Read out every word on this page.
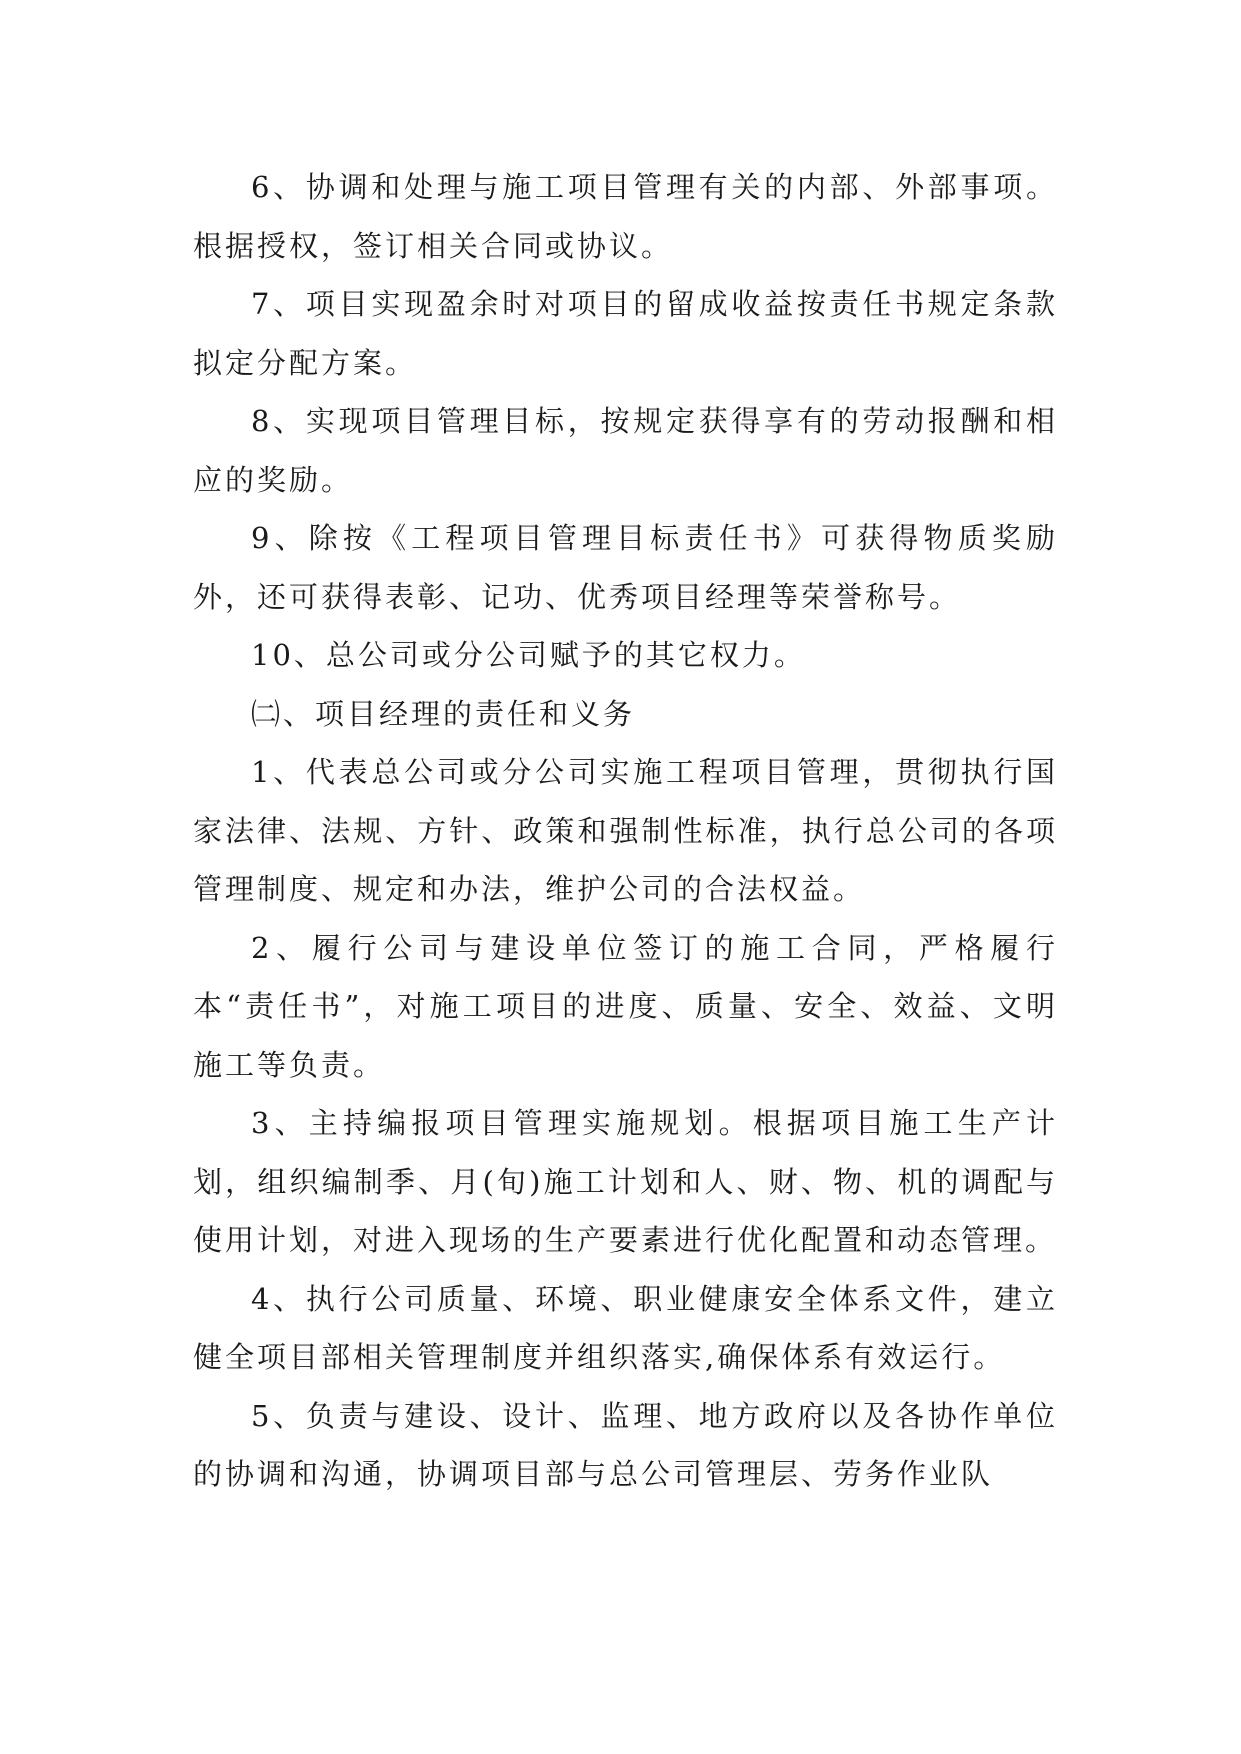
6、协调和处理与施工项目管理有关的内部、外部事项。根据授权，签订相关合同或协议。

7、项目实现盈余时对项目的留成收益按责任书规定条款拟定分配方案。

8、实现项目管理目标，按规定获得享有的劳动报酬和相应的奖励。

9、除按《工程项目管理目标责任书》可获得物质奖励外，还可获得表彰、记功、优秀项目经理等荣誉称号。

10、总公司或分公司赋予的其它权力。

㈡、项目经理的责任和义务

1、代表总公司或分公司实施工程项目管理，贯彻执行国家法律、法规、方针、政策和强制性标准，执行总公司的各项管理制度、规定和办法，维护公司的合法权益。

2、履行公司与建设单位签订的施工合同，严格履行本“责任书”，对施工项目的进度、质量、安全、效益、文明施工等负责。

3、主持编报项目管理实施规划。根据项目施工生产计划，组织编制季、月(旬)施工计划和人、财、物、机的调配与使用计划，对进入现场的生产要素进行优化配置和动态管理。

4、执行公司质量、环境、职业健康安全体系文件，建立健全项目部相关管理制度并组织落实,确保体系有效运行。

5、负责与建设、设计、监理、地方政府以及各协作单位的协调和沟通，协调项目部与总公司管理层、劳务作业队
